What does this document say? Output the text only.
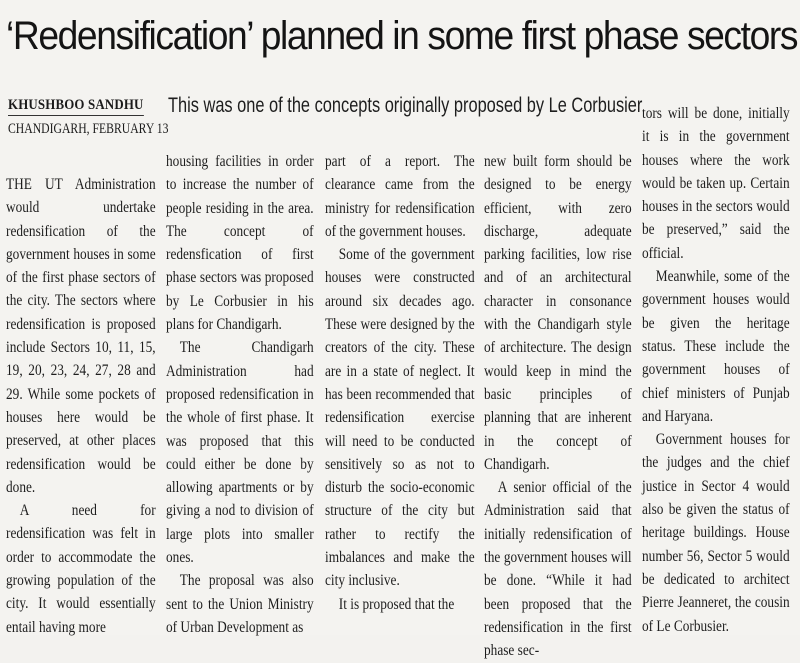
‘Redensification’ planned in some first phase sectors
KHUSHBOO SANDHU
CHANDIGARH, FEBRUARY 13
This was one of the concepts originally proposed by Le Corbusier

THE UT Administration would undertake redensification of the government houses in some of the first phase sectors of the city. The sectors where redensification is proposed include Sectors 10, 11, 15, 19, 20, 23, 24, 27, 28 and 29. While some pockets of houses here would be preserved, at other places redensification would be done.

A need for redensification was felt in order to accommodate the growing population of the city. It would essentially entail having more

housing facilities in order to increase the number of people residing in the area. The concept of redensfication of first phase sectors was proposed by Le Corbusier in his plans for Chandigarh.

The Chandigarh Administration had proposed redensification in the whole of first phase. It was proposed that this could either be done by allowing apartments or by giving a nod to division of large plots into smaller ones.

The proposal was also sent to the Union Ministry of Urban Development as

part of a report. The clearance came from the ministry for redensification of the government houses.

Some of the government houses were constructed around six decades ago. These were designed by the creators of the city. These are in a state of neglect. It has been recommended that redensification exercise will need to be conducted sensitively so as not to disturb the socio-economic structure of the city but rather to rectify the imbalances and make the city inclusive.

It is proposed that the

new built form should be designed to be energy efficient, with zero discharge, adequate parking facilities, low rise and of an architectural character in consonance with the Chandigarh style of architecture. The design would keep in mind the basic principles of planning that are inherent in the concept of Chandigarh.

A senior official of the Administration said that initially redensification of the government houses will be done. “While it had been proposed that the redensification in the first phase sec-

tors will be done, initially it is in the government houses where the work would be taken up. Certain houses in the sectors would be preserved,” said the official.

Meanwhile, some of the government houses would be given the heritage status. These include the government houses of chief ministers of Punjab and Haryana.

Government houses for the judges and the chief justice in Sector 4 would also be given the status of heritage buildings. House number 56, Sector 5 would be dedicated to architect Pierre Jeanneret, the cousin of Le Corbusier.
